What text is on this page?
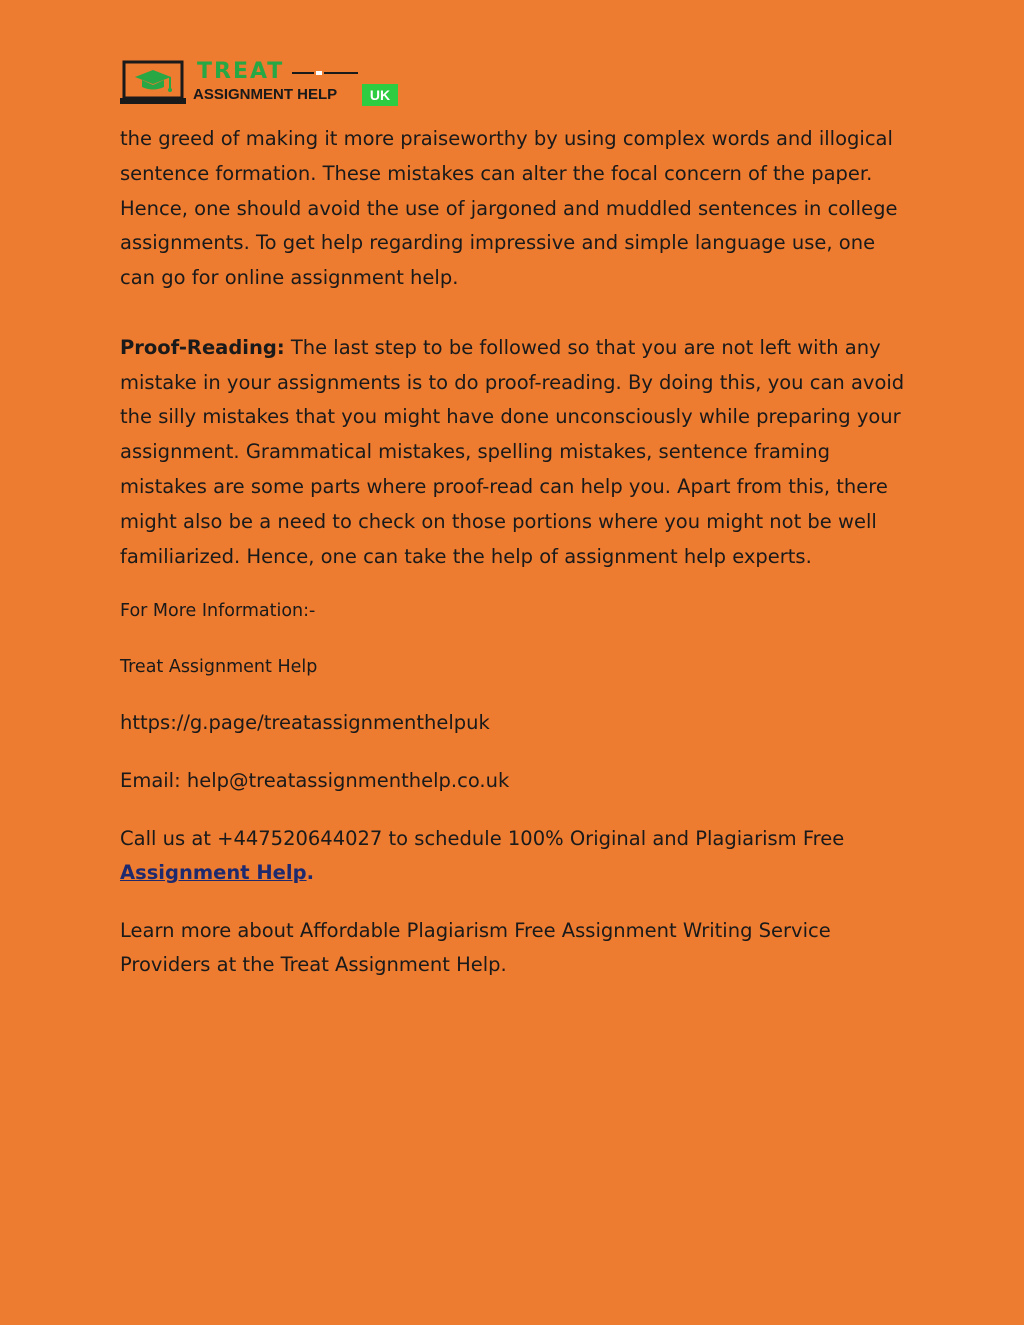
TREAT
ASSIGNMENT HELP	UK

the greed of making it more praiseworthy by using complex words and illogical sentence formation. These mistakes can alter the focal concern of the paper. Hence, one should avoid the use of jargoned and muddled sentences in college assignments. To get help regarding impressive and simple language use, one can go for online assignment help.

Proof-Reading: The last step to be followed so that you are not left with any mistake in your assignments is to do proof-reading. By doing this, you can avoid the silly mistakes that you might have done unconsciously while preparing your assignment. Grammatical mistakes, spelling mistakes, sentence framing mistakes are some parts where proof-read can help you. Apart from this, there might also be a need to check on those portions where you might not be well familiarized. Hence, one can take the help of assignment help experts.

For More Information:-
Treat Assignment Help
https://g.page/treatassignmenthelpuk
Email: help@treatassignmenthelp.co.uk
Call us at +447520644027 to schedule 100% Original and Plagiarism Free
Assignment Help.
Learn more about Affordable Plagiarism Free Assignment Writing Service Providers at the Treat Assignment Help.
